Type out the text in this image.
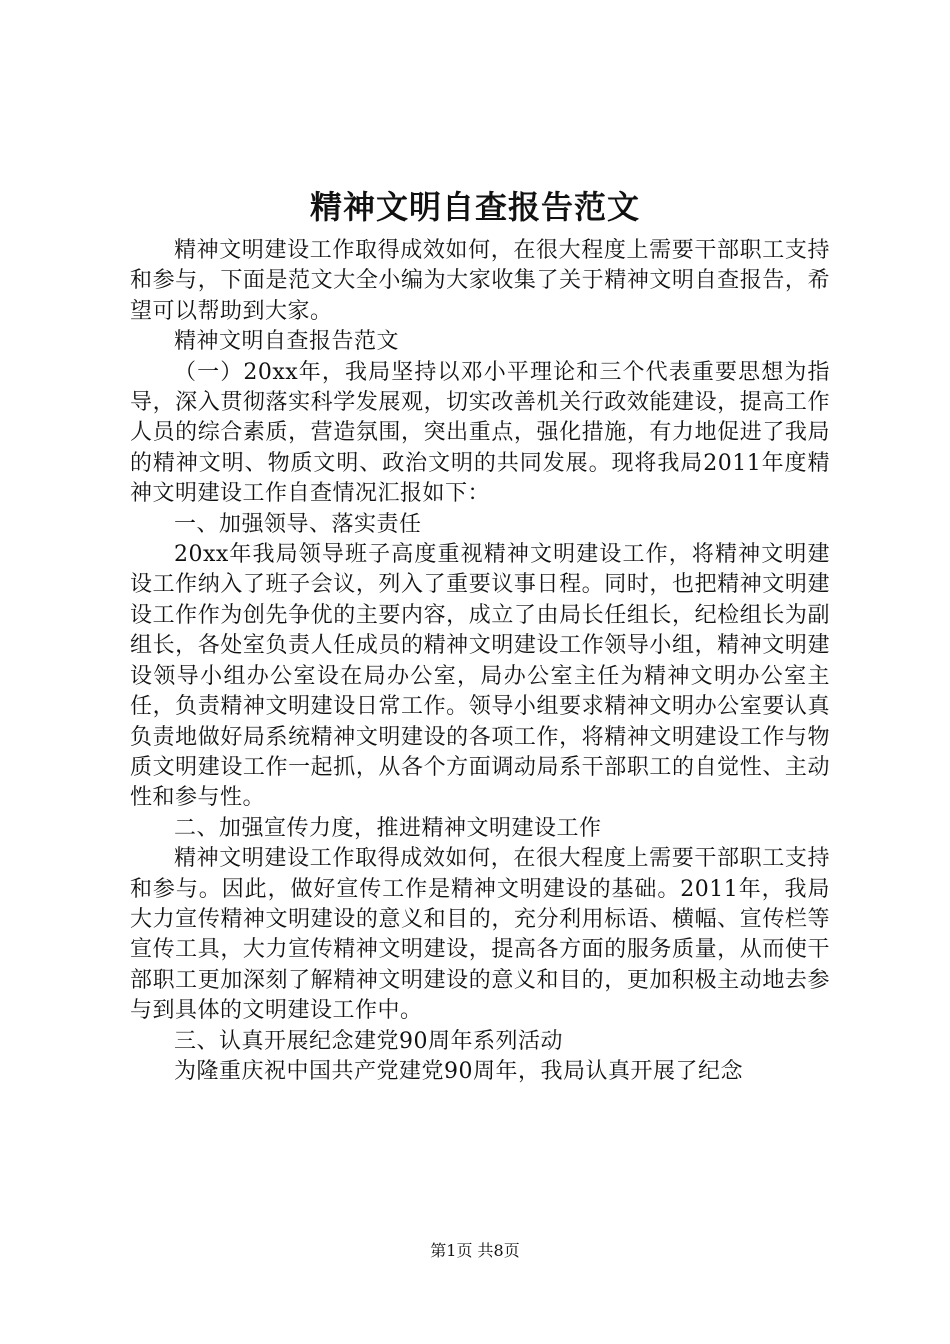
精神文明自查报告范文

精神文明建设工作取得成效如何，在很大程度上需要干部职工支持和参与，下面是范文大全小编为大家收集了关于精神文明自查报告，希望可以帮助到大家。

精神文明自查报告范文

（一）20xx年，我局坚持以邓小平理论和三个代表重要思想为指导，深入贯彻落实科学发展观，切实改善机关行政效能建设，提高工作人员的综合素质，营造氛围，突出重点，强化措施，有力地促进了我局的精神文明、物质文明、政治文明的共同发展。现将我局2011年度精神文明建设工作自查情况汇报如下：

一、加强领导、落实责任

20xx年我局领导班子高度重视精神文明建设工作，将精神文明建设工作纳入了班子会议，列入了重要议事日程。同时，也把精神文明建设工作作为创先争优的主要内容，成立了由局长任组长，纪检组长为副组长，各处室负责人任成员的精神文明建设工作领导小组，精神文明建设领导小组办公室设在局办公室，局办公室主任为精神文明办公室主任，负责精神文明建设日常工作。领导小组要求精神文明办公室要认真负责地做好局系统精神文明建设的各项工作，将精神文明建设工作与物质文明建设工作一起抓，从各个方面调动局系干部职工的自觉性、主动性和参与性。

二、加强宣传力度，推进精神文明建设工作

精神文明建设工作取得成效如何，在很大程度上需要干部职工支持和参与。因此，做好宣传工作是精神文明建设的基础。2011年，我局大力宣传精神文明建设的意义和目的，充分利用标语、横幅、宣传栏等宣传工具，大力宣传精神文明建设，提高各方面的服务质量，从而使干部职工更加深刻了解精神文明建设的意义和目的，更加积极主动地去参与到具体的文明建设工作中。

三、认真开展纪念建党90周年系列活动

为隆重庆祝中国共产党建党90周年，我局认真开展了纪念

第1页 共8页
